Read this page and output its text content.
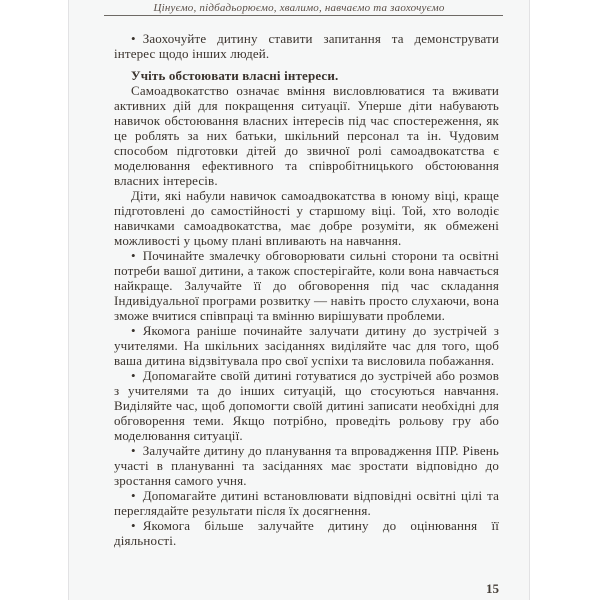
Цінуємо, підбадьорюємо, хвалимо, навчаємо та заохочуємо

• Заохочуйте дитину ставити запитання та демонструвати інтерес щодо інших людей.

Учіть обстоювати власні інтереси.

Самоадвокатство означає вміння висловлюватися та вживати активних дій для покращення ситуації. Уперше діти набувають навичок обстоювання власних інтересів під час спостереження, як це роблять за них батьки, шкільний персонал та ін. Чудовим способом підготовки дітей до звичної ролі самоадвокатства є моделювання ефективного та співробітницького обстоювання власних інтересів.

Діти, які набули навичок самоадвокатства в юному віці, краще підготовлені до самостійності у старшому віці. Той, хто володіє навичками самоадвокатства, має добре розуміти, як обмежені можливості у цьому плані впливають на навчання.

• Починайте змалечку обговорювати сильні сторони та освітні потреби вашої дитини, а також спостерігайте, коли вона навчається найкраще. Залучайте її до обговорення під час складання Індивідуальної програми розвитку — навіть просто слухаючи, вона зможе вчитися співпраці та вмінню вирішувати проблеми.

• Якомога раніше починайте залучати дитину до зустрічей з учителями. На шкільних засіданнях виділяйте час для того, щоб ваша дитина відзвітувала про свої успіхи та висловила побажання.

• Допомагайте своїй дитині готуватися до зустрічей або розмов з учителями та до інших ситуацій, що стосуються навчання. Виділяйте час, щоб допомогти своїй дитині записати необхідні для обговорення теми. Якщо потрібно, проведіть рольову гру або моделювання ситуації.

• Залучайте дитину до планування та впровадження ІПР. Рівень участі в плануванні та засіданнях має зростати відповідно до зростання самого учня.

• Допомагайте дитині встановлювати відповідні освітні цілі та переглядайте результати після їх досягнення.

• Якомога більше залучайте дитину до оцінювання її діяльності.

15
